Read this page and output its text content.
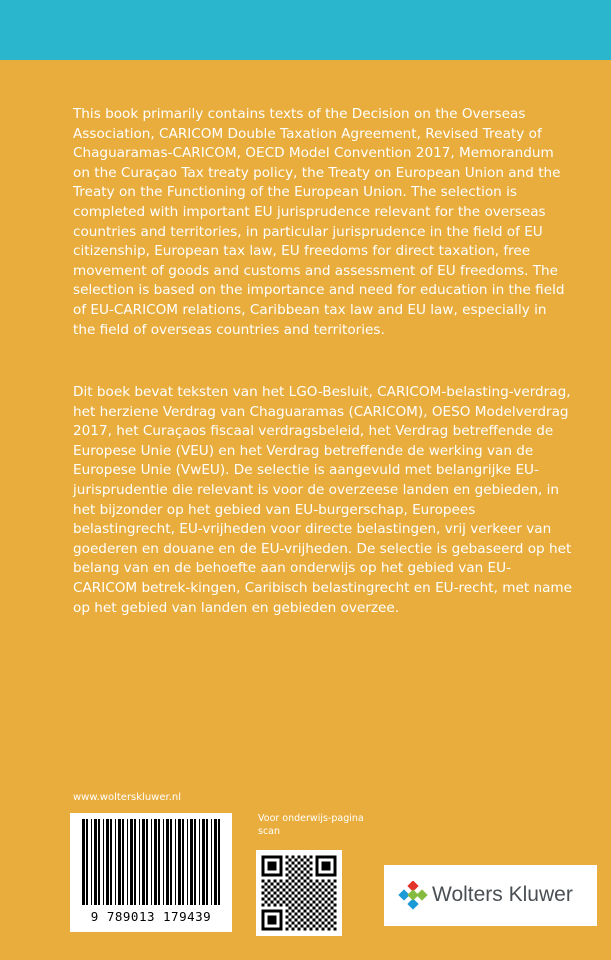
This book primarily contains texts of the Decision on the Overseas Association, CARICOM Double Taxation Agreement, Revised Treaty of Chaguaramas-CARICOM, OECD Model Convention 2017, Memorandum on the Curaçao Tax treaty policy, the Treaty on European Union and the Treaty on the Functioning of the European Union. The selection is completed with important EU jurisprudence relevant for the overseas countries and territories, in particular jurisprudence in the field of EU citizenship, European tax law, EU freedoms for direct taxation, free movement of goods and customs and assessment of EU freedoms. The selection is based on the importance and need for education in the field of EU-CARICOM relations, Caribbean tax law and EU law, especially in the field of overseas countries and territories.
Dit boek bevat teksten van het LGO-Besluit, CARICOM-belasting-verdrag, het herziene Verdrag van Chaguaramas (CARICOM), OESO Modelverdrag 2017, het Curaçaos fiscaal verdragsbeleid, het Verdrag betreffende de Europese Unie (VEU) en het Verdrag betreffende de werking van de Europese Unie (VwEU). De selectie is aangevuld met belangrijke EU-jurisprudentie die relevant is voor de overzeese landen en gebieden, in het bijzonder op het gebied van EU-burgerschap, Europees belastingrecht, EU-vrijheden voor directe belastingen, vrij verkeer van goederen en douane en de EU-vrijheden. De selectie is gebaseerd op het belang van en de behoefte aan onderwijs op het gebied van EU-CARICOM betrek-kingen, Caribisch belastingrecht en EU-recht, met name op het gebied van landen en gebieden overzee.
www.wolterskluwer.nl
9 789013 179439
Voor onderwijs-pagina scan
Wolters Kluwer
